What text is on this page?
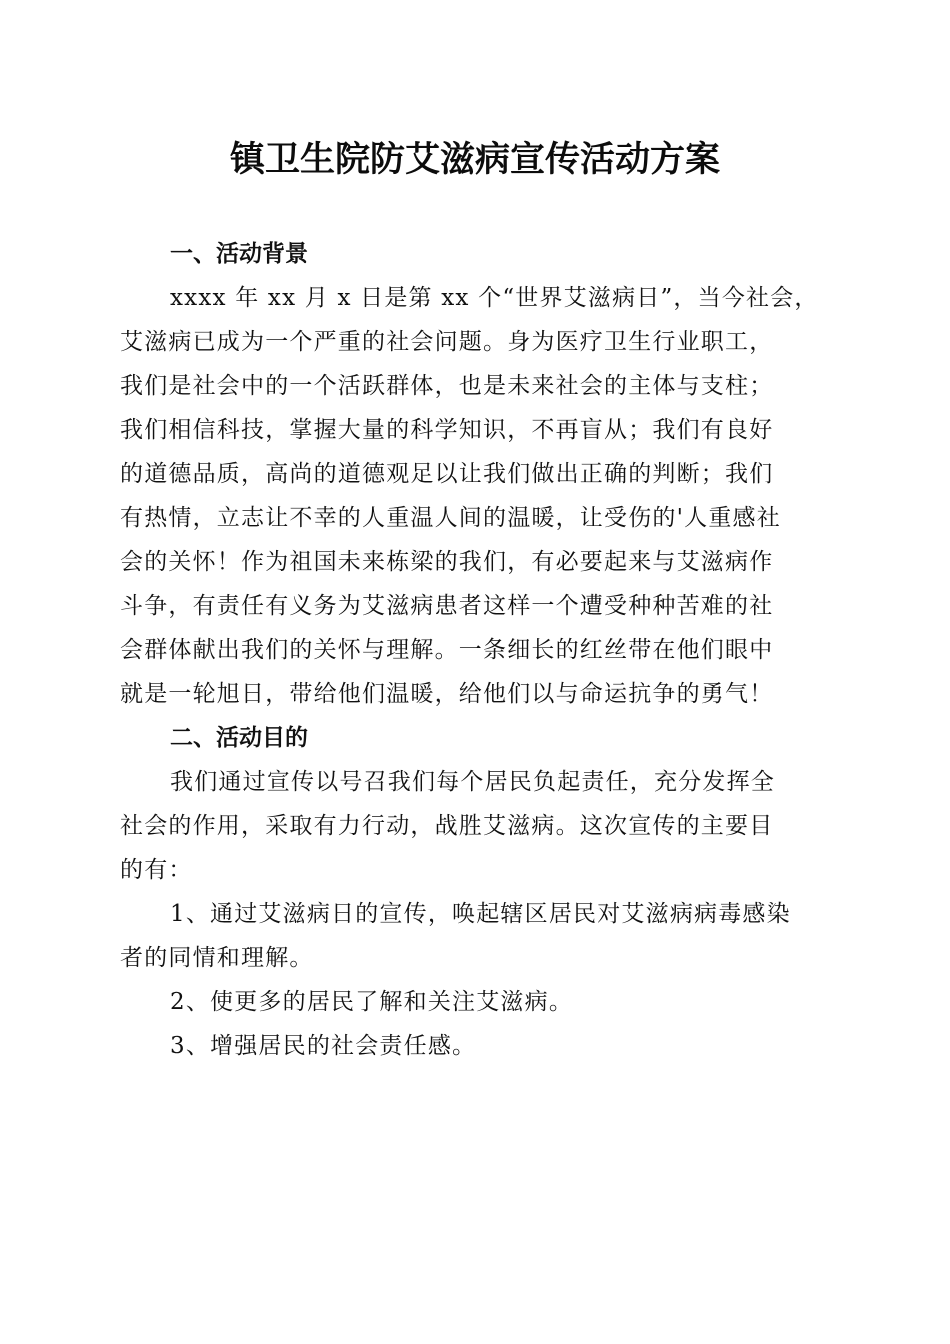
镇卫生院防艾滋病宣传活动方案
一、活动背景
xxxx 年 xx 月 x 日是第 xx 个“世界艾滋病日”，当今社会，
艾滋病已成为一个严重的社会问题。身为医疗卫生行业职工，
我们是社会中的一个活跃群体，也是未来社会的主体与支柱；
我们相信科技，掌握大量的科学知识，不再盲从；我们有良好
的道德品质，高尚的道德观足以让我们做出正确的判断；我们
有热情，立志让不幸的人重温人间的温暖，让受伤的'人重感社
会的关怀！作为祖国未来栋梁的我们，有必要起来与艾滋病作
斗争，有责任有义务为艾滋病患者这样一个遭受种种苦难的社
会群体献出我们的关怀与理解。一条细长的红丝带在他们眼中
就是一轮旭日，带给他们温暖，给他们以与命运抗争的勇气！
二、活动目的
我们通过宣传以号召我们每个居民负起责任，充分发挥全
社会的作用，采取有力行动，战胜艾滋病。这次宣传的主要目
的有：
1、通过艾滋病日的宣传，唤起辖区居民对艾滋病病毒感染
者的同情和理解。
2、使更多的居民了解和关注艾滋病。
3、增强居民的社会责任感。
